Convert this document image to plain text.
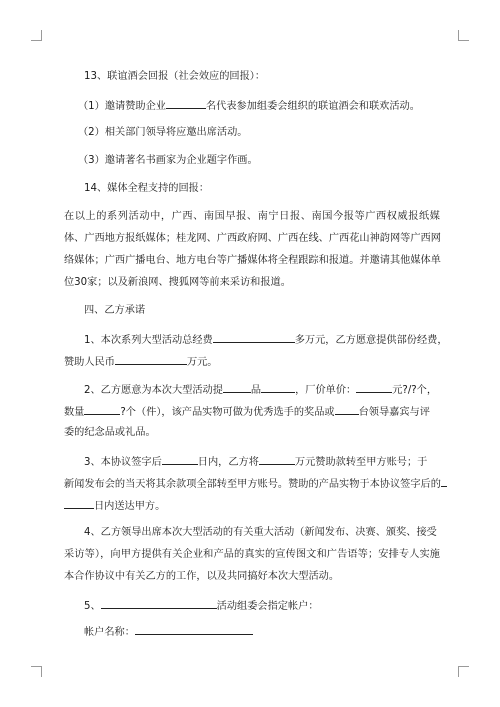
13、联谊酒会回报（社会效应的回报）：
（1）邀请赞助企业	名代表参加组委会组织的联谊酒会和联欢活动。
（2）相关部门领导将应邀出席活动。
（3）邀请著名书画家为企业题字作画。
14、媒体全程支持的回报：
在以上的系列活动中，广西、南国早报、南宁日报、南国今报等广西权威报纸媒
体、广西地方报纸媒体；桂龙网、广西政府网、广西在线、广西花山神韵网等广西网
络媒体；广西广播电台、地方电台等广播媒体将全程跟踪和报道。并邀请其他媒体单
位30家；以及新浪网、搜狐网等前来采访和报道。
四、乙方承诺
1、本次系列大型活动总经费	多万元，乙方愿意提供部份经费，
赞助人民币	万元。
2、乙方愿意为本次大型活动提	品	，厂价单价：	元?/?个，
数量	?个（件），该产品实物可做为优秀选手的奖品或 台领导嘉宾与评
委的纪念品或礼品。
3、本协议签字后	日内，乙方将	万元赞助款转至甲方账号；于
新闻发布会的当天将其余款项全部转至甲方账号。赞助的产品实物于本协议签字后的
日内送达甲方。
4、乙方领导出席本次大型活动的有关重大活动（新闻发布、决赛、颁奖、接受
采访等），向甲方提供有关企业和产品的真实的宣传图文和广告语等；安排专人实施
本合作协议中有关乙方的工作，以及共同搞好本次大型活动。
5、	活动组委会指定帐户：
帐户名称：
